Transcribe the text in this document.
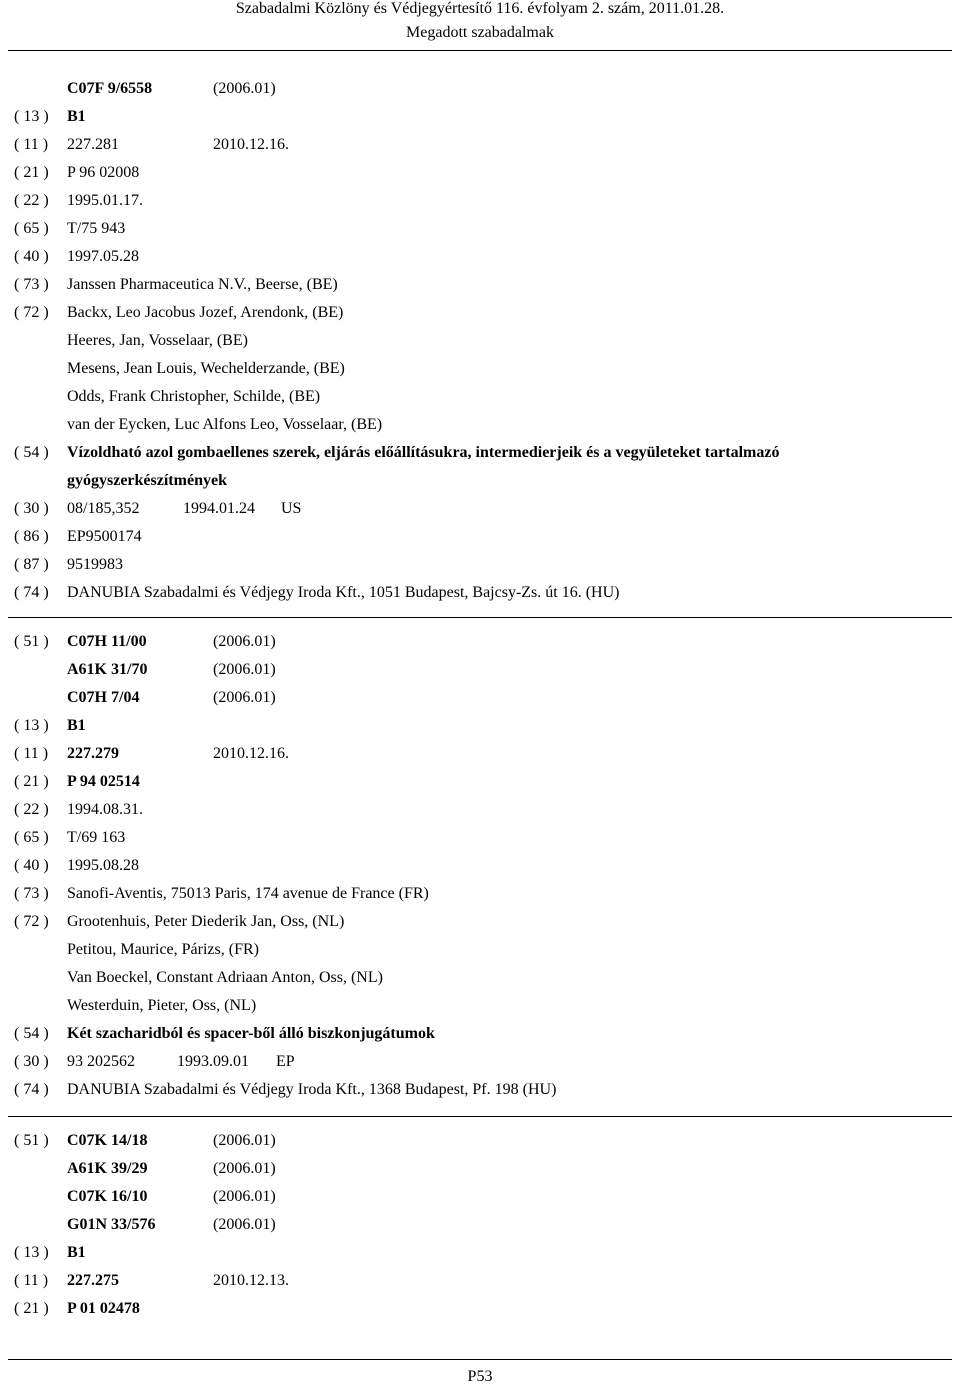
Szabadalmi Közlöny és Védjegyértesítő 116. évfolyam 2. szám, 2011.01.28.
Megadott szabadalmak
C07F 9/6558	(2006.01)
( 13 )	B1
( 11 )	227.281	2010.12.16.
( 21 )	P 96 02008
( 22 )	1995.01.17.
( 65 )	T/75 943
( 40 )	1997.05.28
( 73 )	Janssen Pharmaceutica N.V., Beerse, (BE)
( 72 )	Backx, Leo Jacobus Jozef, Arendonk, (BE)
Heeres, Jan, Vosselaar, (BE)
Mesens, Jean Louis, Wechelderzande, (BE)
Odds, Frank Christopher, Schilde, (BE)
van der Eycken, Luc Alfons Leo, Vosselaar, (BE)
( 54 )	Vízoldható azol gombaellenes szerek, eljárás előállításukra, intermedierjeik és a vegyületeket tartalmazó
gyógyszerkészítmények
( 30 )	08/185,352	1994.01.24 US
( 86 )	EP9500174
( 87 )	9519983
( 74 )	DANUBIA Szabadalmi és Védjegy Iroda Kft., 1051 Budapest, Bajcsy-Zs. út 16. (HU)
( 51 )	C07H 11/00	(2006.01)
A61K 31/70	(2006.01)
C07H 7/04	(2006.01)
( 13 )	B1
( 11 )	227.279	2010.12.16.
( 21 )	P 94 02514
( 22 )	1994.08.31.
( 65 )	T/69 163
( 40 )	1995.08.28
( 73 )	Sanofi-Aventis, 75013 Paris, 174 avenue de France (FR)
( 72 )	Grootenhuis, Peter Diederik Jan, Oss, (NL)
Petitou, Maurice, Párizs, (FR)
Van Boeckel, Constant Adriaan Anton, Oss, (NL)
Westerduin, Pieter, Oss, (NL)
( 54 )	Két szacharidból és spacer-ből álló biszkonjugátumok
( 30 )	93 202562	1993.09.01 EP
( 74 )	DANUBIA Szabadalmi és Védjegy Iroda Kft., 1368 Budapest, Pf. 198 (HU)
( 51 )	C07K 14/18	(2006.01)
A61K 39/29	(2006.01)
C07K 16/10	(2006.01)
G01N 33/576	(2006.01)
( 13 )	B1
( 11 )	227.275	2010.12.13.
( 21 )	P 01 02478
P53
